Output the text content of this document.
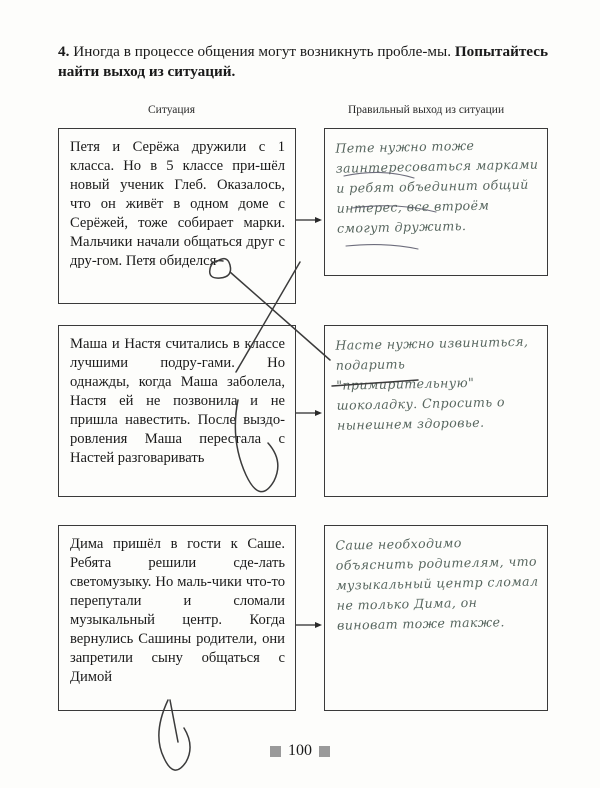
4. Иногда в процессе общения могут возникнуть пробле-мы. Попытайтесь найти выход из ситуаций.
Ситуация	Правильный выход из ситуации
Петя и Серёжа дружили с 1 класса. Но в 5 классе при-шёл новый ученик Глеб. Оказалось, что он живёт в одном доме с Серёжей, тоже собирает марки. Мальчики начали общаться друг с дру-гом. Петя обиделся
Пете нужно тоже заинтересоваться марками и ребят объединит общий интерес, все втроём смогут дружить.
Маша и Настя считались в классе лучшими подру-гами. Но однажды, когда Маша заболела, Настя ей не позвонила и не пришла навестить. После выздо-ровления Маша перестала с Настей разговаривать
Насте нужно извиниться, подарить "примирительную" шоколадку. Спросить о нынешнем здоровье.
Дима пришёл в гости к Саше. Ребята решили сде-лать светомузыку. Но маль-чики что-то перепутали и сломали музыкальный центр. Когда вернулись Сашины родители, они запретили сыну общаться с Димой
Саше необходимо объяснить родителям, что музыкальный центр сломал не только Дима, он виноват тоже также.
100
